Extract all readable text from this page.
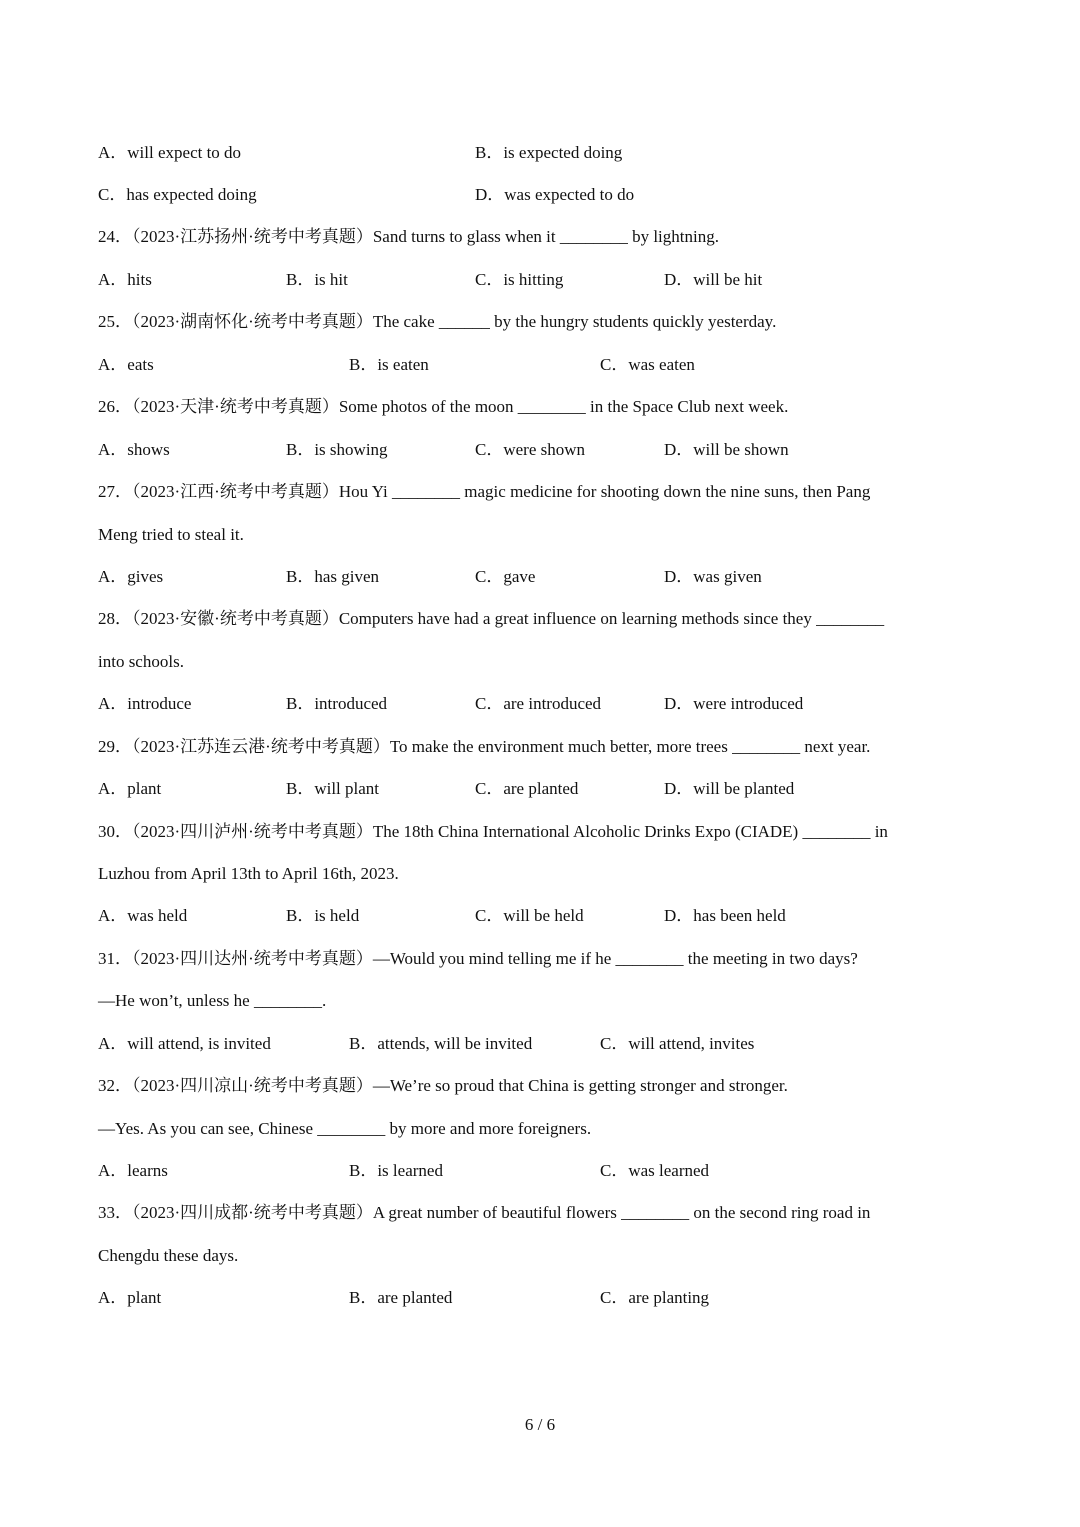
A．will expect to do	B．is expected doing
C．has expected doing	D．was expected to do
24．（2023·江苏扬州·统考中考真题）Sand turns to glass when it ________ by lightning.
A．hits	B．is hit	C．is hitting	D．will be hit
25．（2023·湖南怀化·统考中考真题）The cake ______ by the hungry students quickly yesterday.
A．eats	B．is eaten	C．was eaten
26．（2023·天津·统考中考真题）Some photos of the moon ________ in the Space Club next week.
A．shows	B．is showing	C．were shown	D．will be shown
27．（2023·江西·统考中考真题）Hou Yi ________ magic medicine for shooting down the nine suns, then Pang
Meng tried to steal it.
A．gives	B．has given	C．gave	D．was given
28．（2023·安徽·统考中考真题）Computers have had a great influence on learning methods since they ________
into schools.
A．introduce	B．introduced	C．are introduced	D．were introduced
29．（2023·江苏连云港·统考中考真题）To make the environment much better, more trees ________ next year.
A．plant	B．will plant	C．are planted	D．will be planted
30．（2023·四川泸州·统考中考真题）The 18th China International Alcoholic Drinks Expo (CIADE) ________ in
Luzhou from April 13th to April 16th, 2023.
A．was held	B．is held	C．will be held	D．has been held
31．（2023·四川达州·统考中考真题）—Would you mind telling me if he ________ the meeting in two days?
—He won’t, unless he ________.
A．will attend, is invited	B．attends, will be invited	C．will attend, invites
32．（2023·四川凉山·统考中考真题）—We’re so proud that China is getting stronger and stronger.
—Yes. As you can see, Chinese ________ by more and more foreigners.
A．learns	B．is learned	C．was learned
33．（2023·四川成都·统考中考真题）A great number of beautiful flowers ________ on the second ring road in
Chengdu these days.
A．plant	B．are planted	C．are planting
6 / 6
